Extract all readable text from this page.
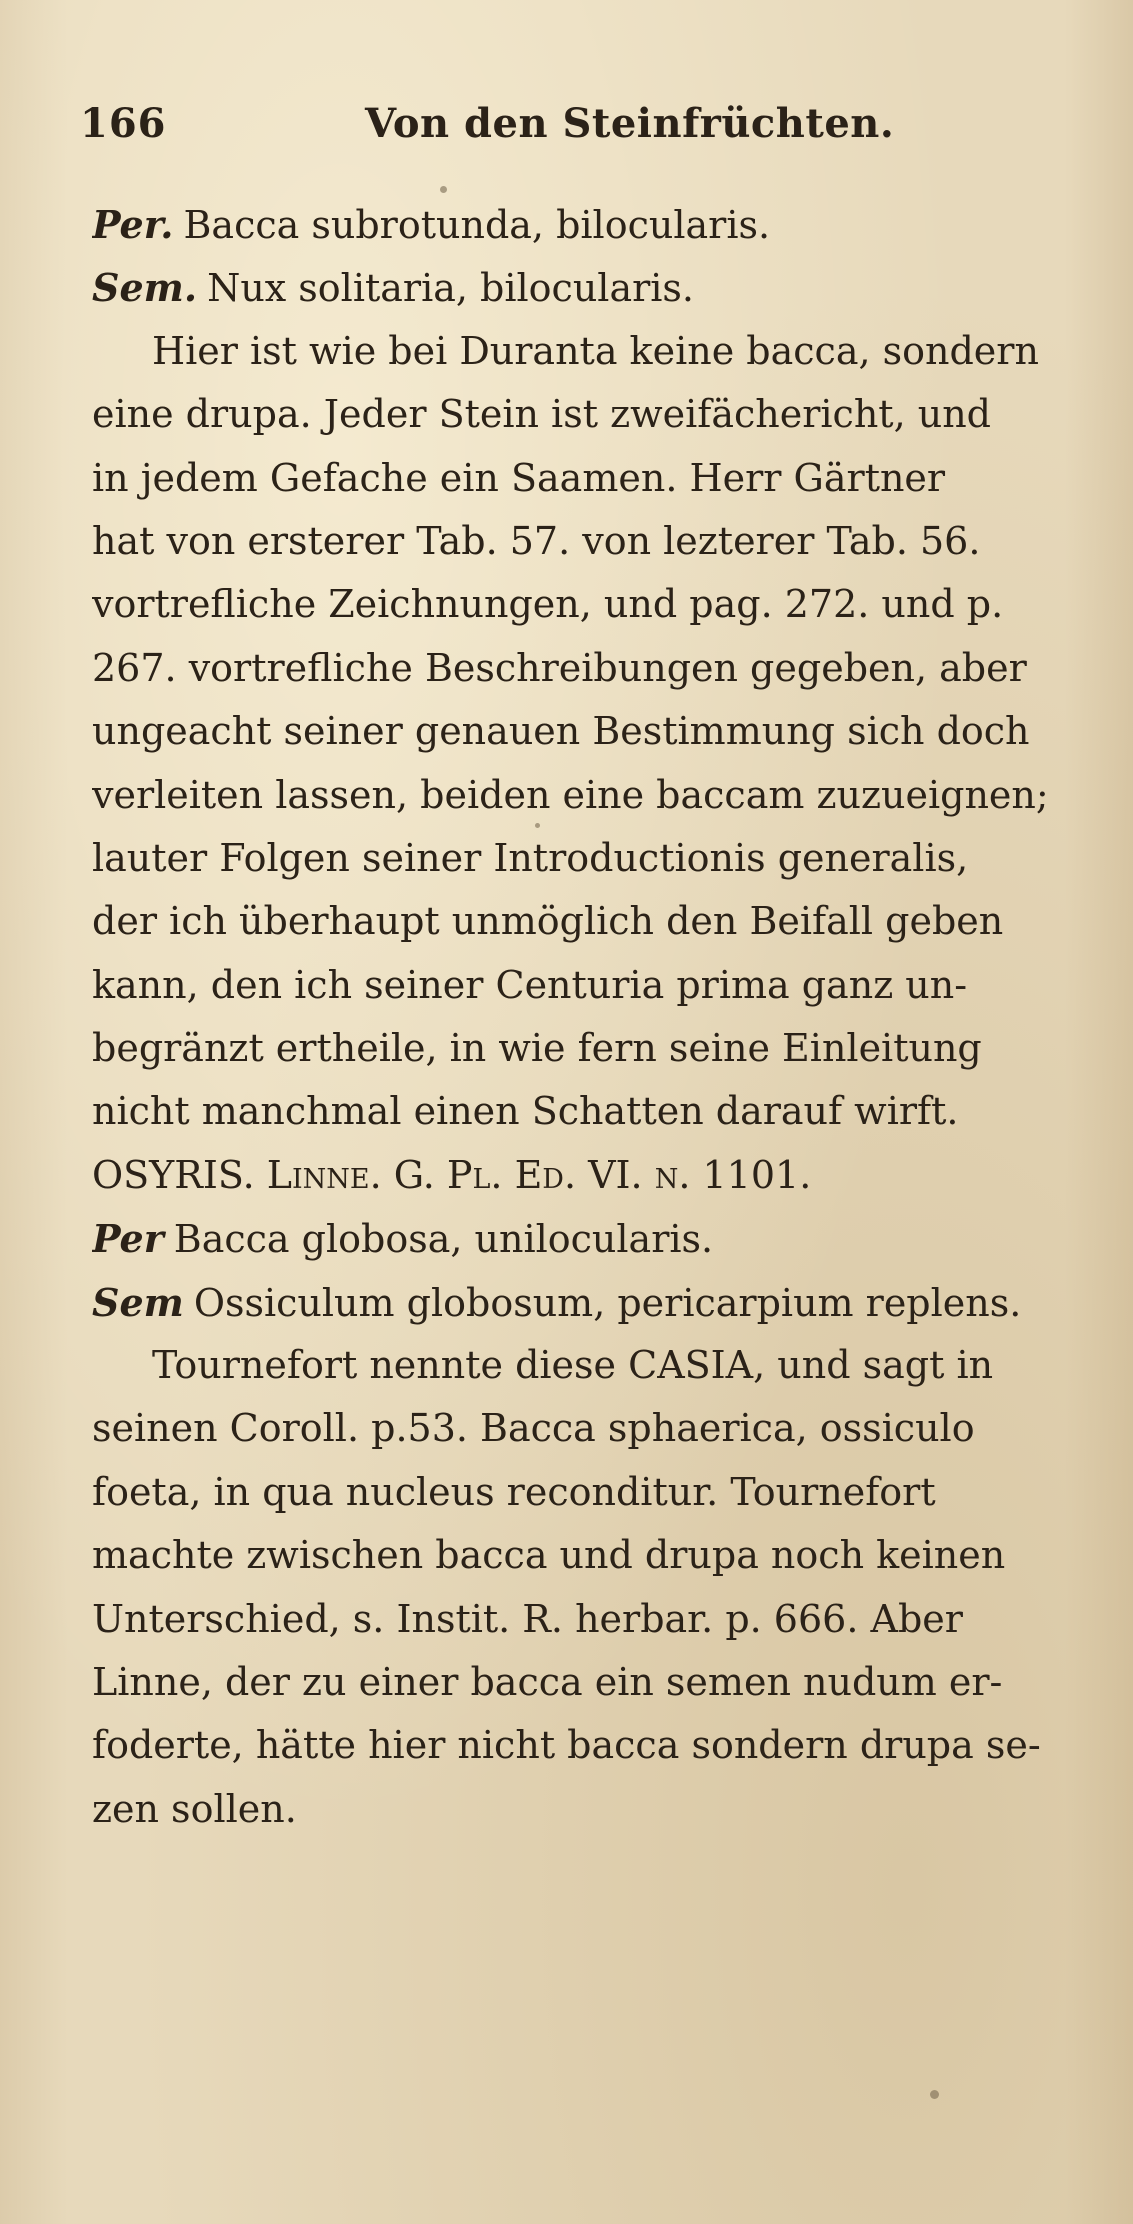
166	Von den Steinfrüchten.
Per. Bacca subrotunda, bilocularis.
Sem. Nux solitaria, bilocularis.
Hier ist wie bei Duranta keine bacca, sondern
eine drupa. Jeder Stein ist zweifächericht, und
in jedem Gefache ein Saamen. Herr Gärtner
hat von ersterer Tab. 57. von lezterer Tab. 56.
vortrefliche Zeichnungen, und pag. 272. und p.
267. vortrefliche Beschreibungen gegeben, aber
ungeacht seiner genauen Bestimmung sich doch
verleiten lassen, beiden eine baccam zuzueignen;
lauter Folgen seiner Introductionis generalis,
der ich überhaupt unmöglich den Beifall geben
kann, den ich seiner Centuria prima ganz un-
begränzt ertheile, in wie fern seine Einleitung
nicht manchmal einen Schatten darauf wirft.
OSYRIS. Linne. G. Pl. Ed. VI. n. 1101.
Per Bacca globosa, unilocularis.
Sem Ossiculum globosum, pericarpium replens.
Tournefort nennte diese CASIA, und sagt in
seinen Coroll. p.53. Bacca sphaerica, ossiculo
foeta, in qua nucleus reconditur. Tournefort
machte zwischen bacca und drupa noch keinen
Unterschied, s. Instit. R. herbar. p. 666. Aber
Linne, der zu einer bacca ein semen nudum er-
foderte, hätte hier nicht bacca sondern drupa se-
zen sollen.
